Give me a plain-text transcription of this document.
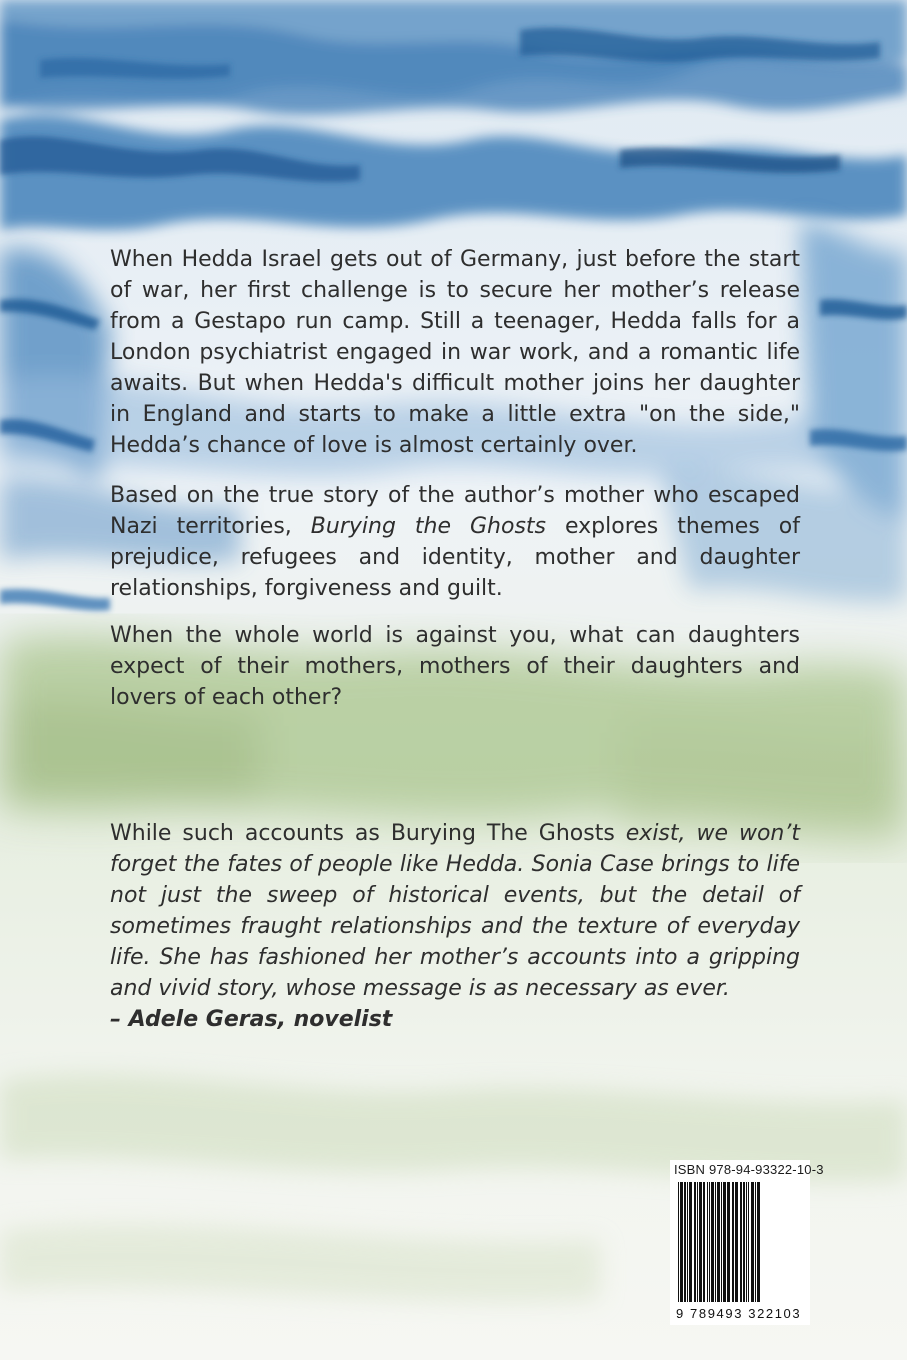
When Hedda Israel gets out of Germany, just before the start of war, her first challenge is to secure her mother’s release from a Gestapo run camp. Still a teenager, Hedda falls for a London psychiatrist engaged in war work, and a romantic life awaits. But when Hedda's difficult mother joins her daughter in England and starts to make a little extra "on the side," Hedda’s chance of love is almost certainly over.

Based on the true story of the author’s mother who escaped Nazi territories, Burying the Ghosts explores themes of prejudice, refugees and identity, mother and daughter relationships, forgiveness and guilt.

When the whole world is against you, what can daughters expect of their mothers, mothers of their daughters and lovers of each other?

While such accounts as Burying The Ghosts exist, we won’t forget the fates of people like Hedda. Sonia Case brings to life not just the sweep of historical events, but the detail of sometimes fraught relationships and the texture of everyday life. She has fashioned her mother’s accounts into a gripping and vivid story, whose message is as necessary as ever.

– Adele Geras, novelist

ISBN 978-94-93322-10-3
9 789493 322103
